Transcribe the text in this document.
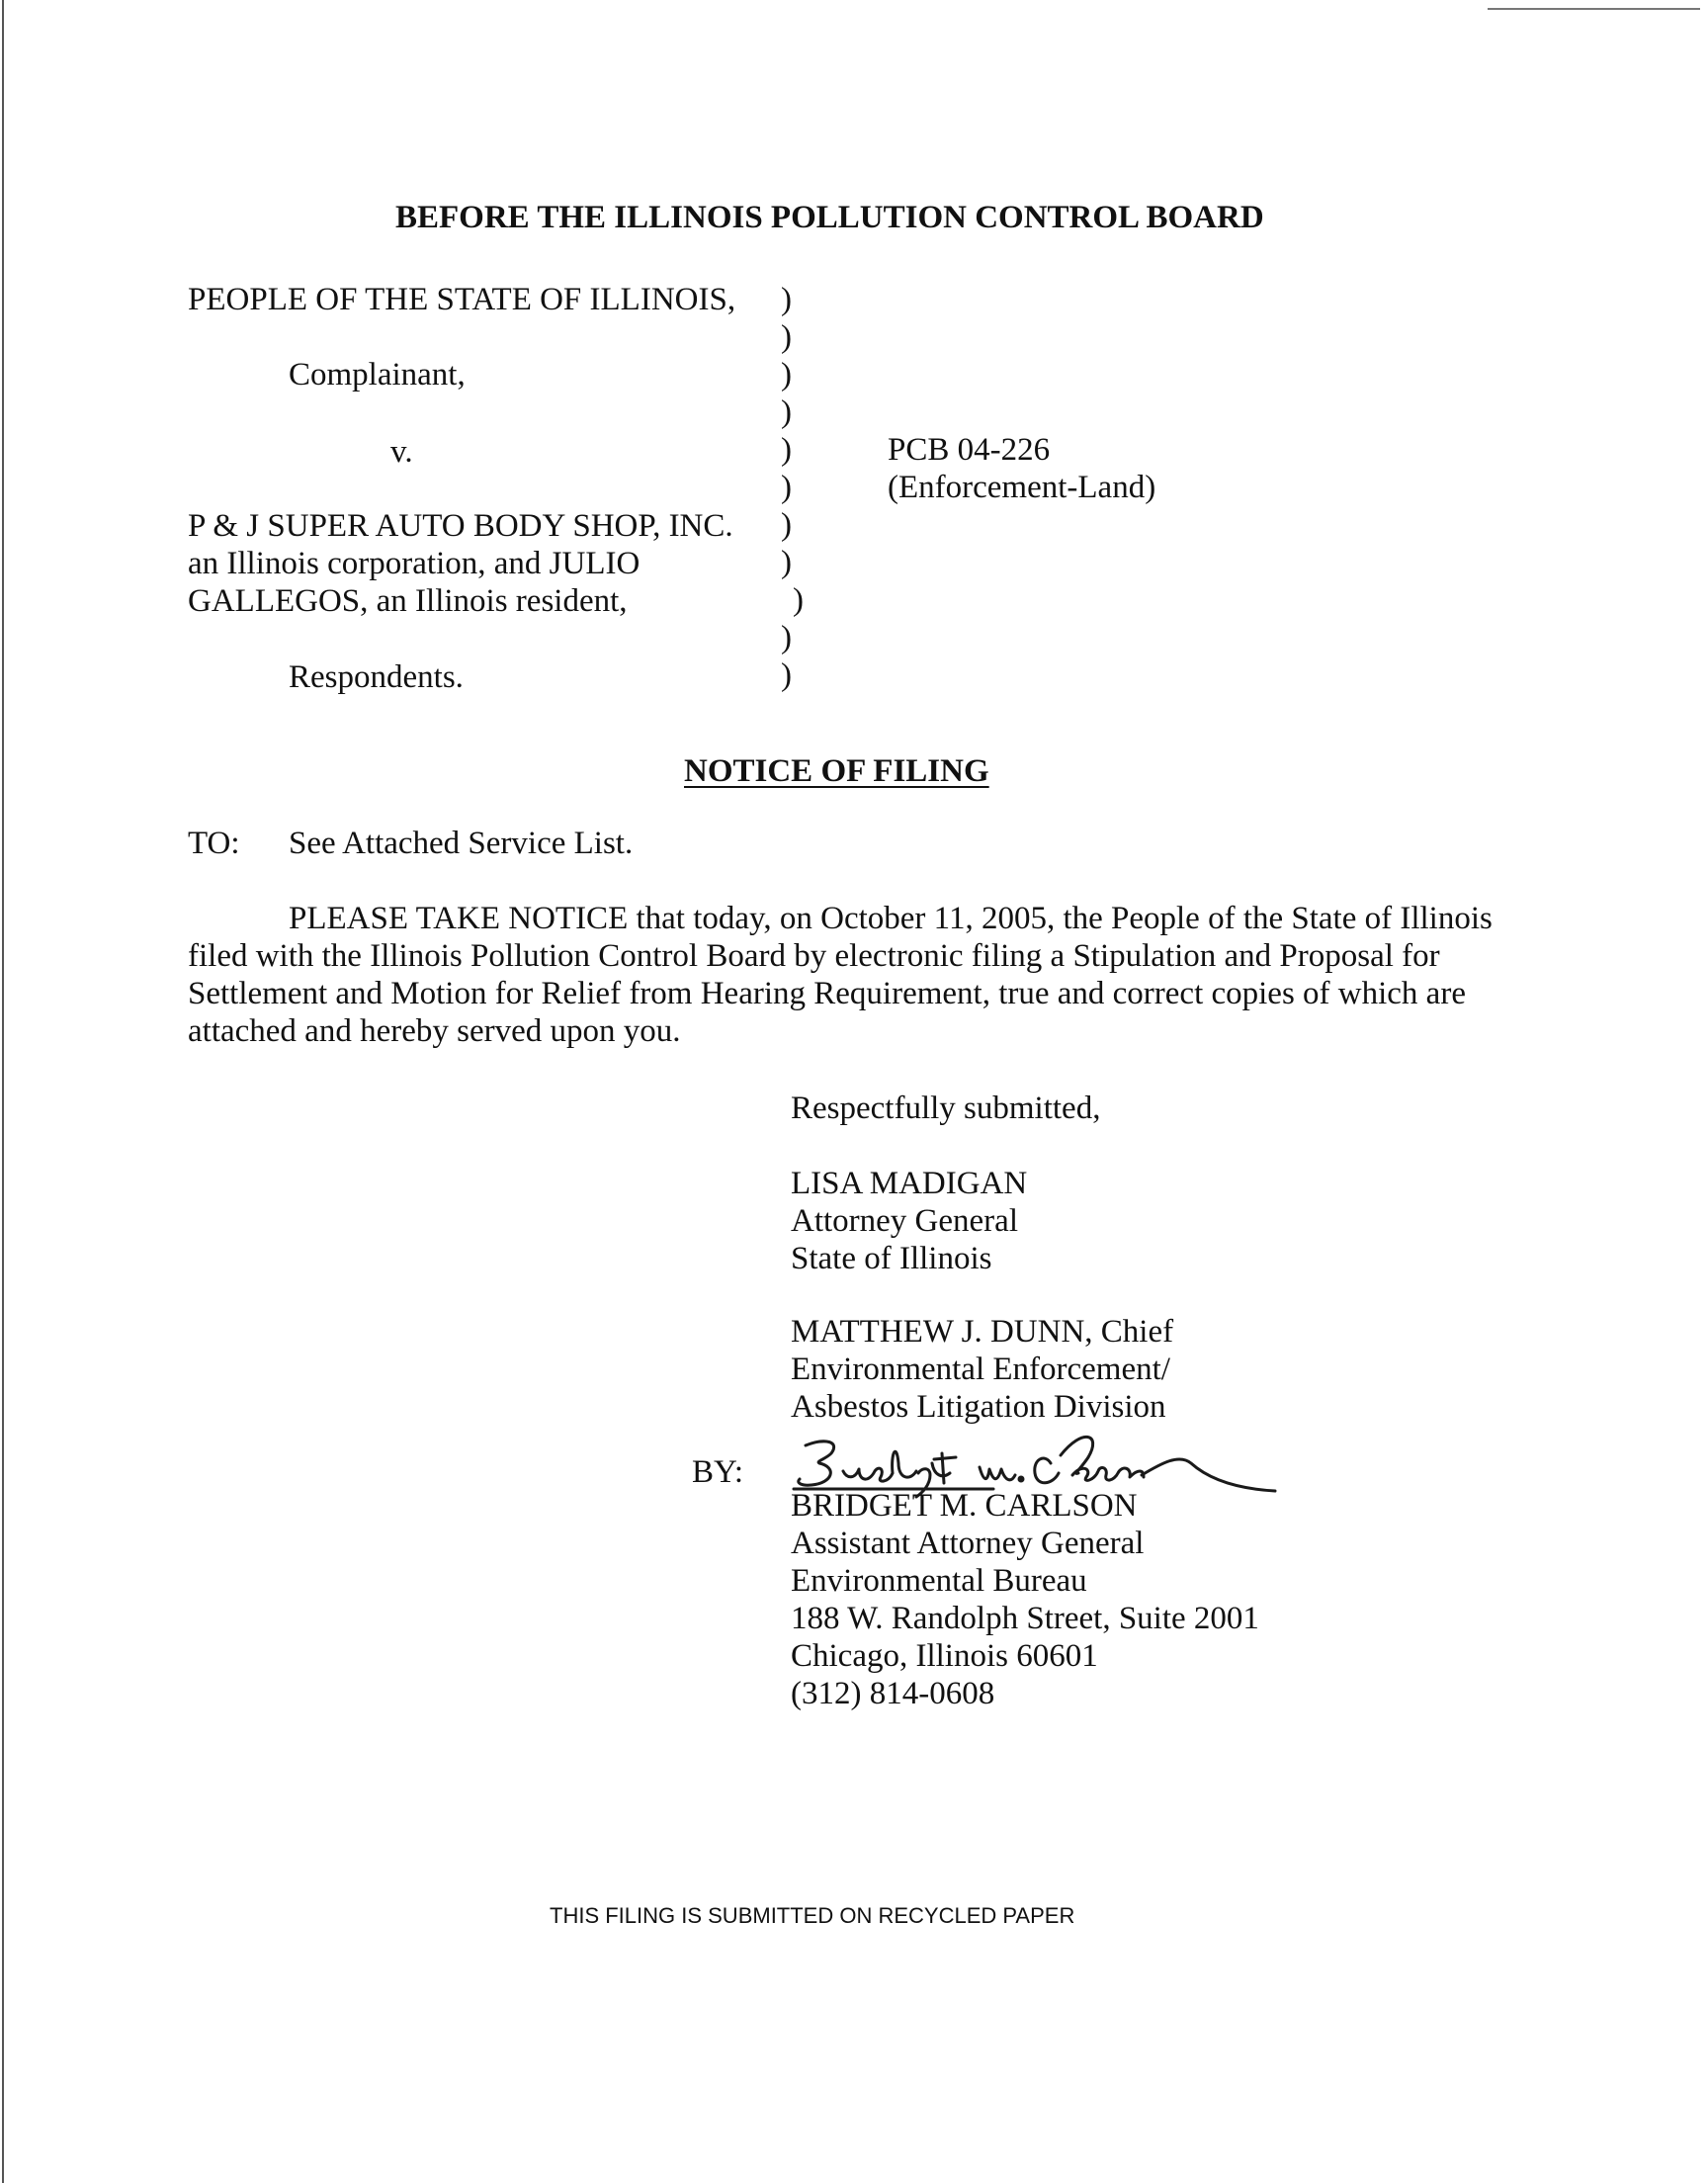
BEFORE THE ILLINOIS POLLUTION CONTROL BOARD
PEOPLE OF THE STATE OF ILLINOIS,
Complainant,
v.
P & J SUPER AUTO BODY SHOP, INC.
an Illinois corporation, and JULIO
GALLEGOS, an Illinois resident,
Respondents.
)
)
)
)
)
)
)
)
)
)
)
PCB 04-226
(Enforcement-Land)
NOTICE OF FILING
TO: See Attached Service List.
PLEASE TAKE NOTICE that today, on October 11, 2005, the People of the State of Illinois filed with the Illinois Pollution Control Board by electronic filing a Stipulation and Proposal for Settlement and Motion for Relief from Hearing Requirement, true and correct copies of which are attached and hereby served upon you.
Respectfully submitted,
LISA MADIGAN
Attorney General
State of Illinois
MATTHEW J. DUNN, Chief
Environmental Enforcement/
Asbestos Litigation Division
BY:
BRIDGET M. CARLSON
Assistant Attorney General
Environmental Bureau
188 W. Randolph Street, Suite 2001
Chicago, Illinois 60601
(312) 814-0608
THIS FILING IS SUBMITTED ON RECYCLED PAPER
